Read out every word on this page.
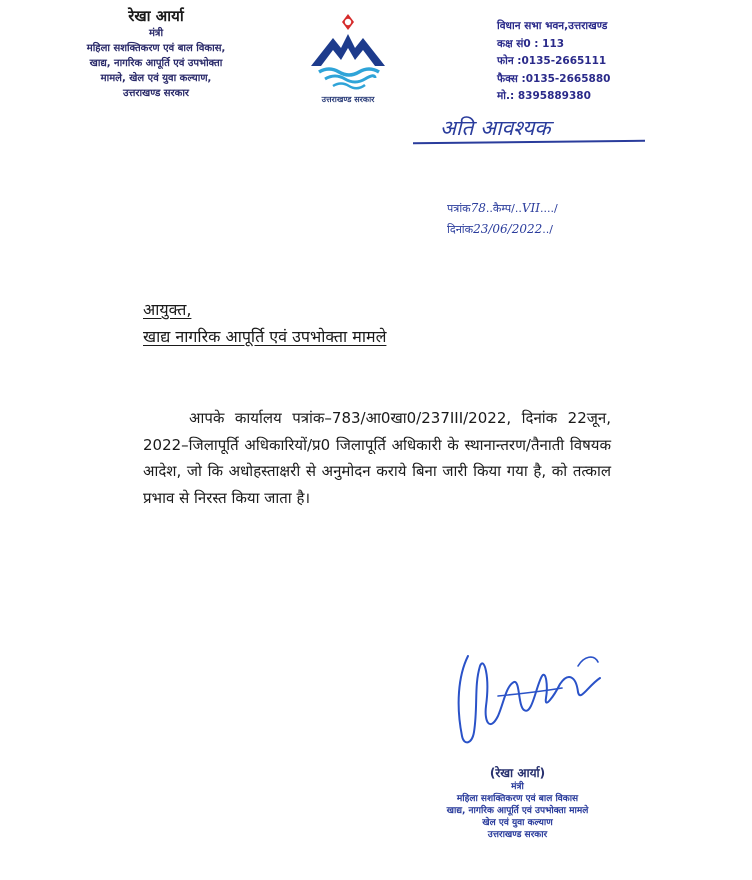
रेखा आर्या
मंत्री
महिला सशक्तिकरण एवं बाल विकास,
खाद्य, नागरिक आपूर्ति एवं उपभोक्ता
मामले, खेल एवं युवा कल्याण,
उत्तराखण्ड सरकार
उत्तराखण्ड सरकार
विधान सभा भवन,उत्तराखण्ड
कक्ष सं0 : 113
फोन :0135-2665111
फैक्स :0135-2665880
मो.: 8395889380
अति आवश्यक
पत्रांक78..कैम्प/..VII..../
दिनांक23/06/2022../
आयुक्त,
खाद्य नागरिक आपूर्ति एवं उपभोक्ता मामले
आपके कार्यालय पत्रांक–783/आ0खा0/237III/2022, दिनांक 22जून, 2022–जिलापूर्ति अधिकारियों/प्र0 जिलापूर्ति अधिकारी के स्थानान्तरण/तैनाती विषयक आदेश, जो कि अधोहस्ताक्षरी से अनुमोदन कराये बिना जारी किया गया है, को तत्काल प्रभाव से निरस्त किया जाता है।
(रेखा आर्या)
मंत्री
महिला सशक्तिकरण एवं बाल विकास
खाद्य, नागरिक आपूर्ति एवं उपभोक्ता मामले
खेल एवं युवा कल्याण
उत्तराखण्ड सरकार
